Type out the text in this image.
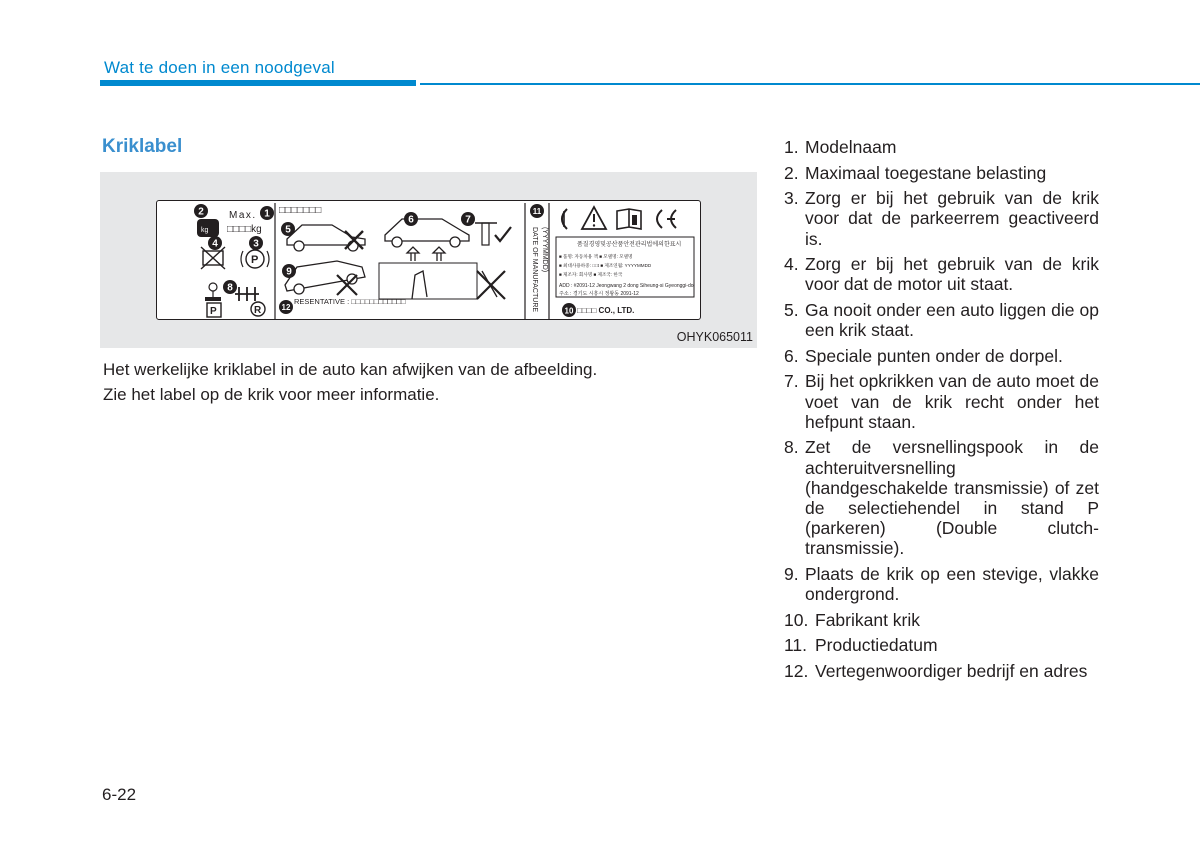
Wat te doen in een noodgeval
Kriklabel
kg
Max.
□□□□kg
P
P	R
□□□□□□□
RESENTATIVE : □□□□□□□□□□□□	DATE OF MANUFACTURE (YYYYMMDD)	품질경영및공산품안전관리법에의한표시
■ 품명: 자동차용 잭 ■ 모델명: 모델명
■ 최대사용하중: □□t ■ 제조연월: YYYYMMDD
■ 제조자: 회사명 ■ 제조국: 한국
ADD : #2091-12 Jeongwang 2 dong Siheung-si Gyeonggi-do,
주소 : 경기도 시흥시 정왕동 2091-12
□□□□ CO., LTD.
1
2
3
4
5
6	7
8
9
10
11
12
OHYK065011

Het werkelijke kriklabel in de auto kan afwijken van de afbeelding.

Zie het label op de krik voor meer informatie.

1. Modelnaam
2. Maximaal toegestane belasting
3. Zorg er bij het gebruik van de krik voor dat de parkeerrem geactiveerd is.
4. Zorg er bij het gebruik van de krik voor dat de motor uit staat.
5. Ga nooit onder een auto liggen die op een krik staat.
6. Speciale punten onder de dorpel.
7. Bij het opkrikken van de auto moet de voet van de krik recht onder het hefpunt staan.
8. Zet de versnellingspook in de achteruitversnelling (handgeschakelde transmissie) of zet de selectiehendel in stand P (parkeren) (Double clutch-transmissie).
9. Plaats de krik op een stevige, vlakke ondergrond.
10. Fabrikant krik
11. Productiedatum
12. Vertegenwoordiger bedrijf en adres
6-22
